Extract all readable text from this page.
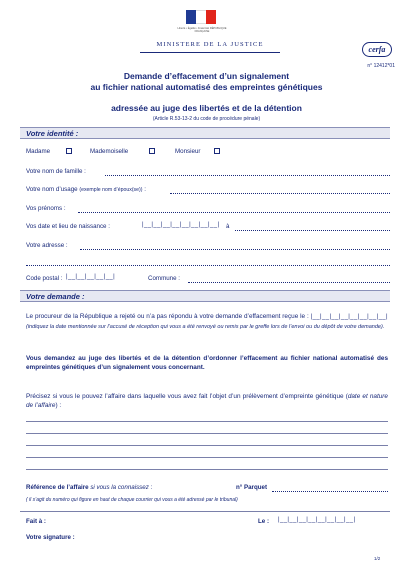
Liberté • Égalité • Fraternité RÉPUBLIQUE FRANÇAISE
MINISTERE DE LA JUSTICE
cerfa
n° 12412*01
Demande d’effacement d’un signalement
au fichier national automatisé des empreintes génétiques
adressée au juge des libertés et de la détention
(Article R.53-13-2 du code de procédure pénale)
Votre identité :
Madame	Mademoiselle	Monsieur
Votre nom de famille :
Votre nom d’usage (exemple nom d’époux(se)) :
Vos prénoms :
Vos date et lieu de naissance :	|__|__|__|__|__|__|__|__| à
Votre adresse :
Code postal : |__|__|__|__|__|	Commune :
Votre demande :
Le procureur de la République a rejeté ou n’a pas répondu à votre demande d’effacement reçue le : |__|__|__|__|__|__|__|__| (indiquez la date mentionnée sur l’accusé de réception qui vous a été renvoyé ou remis par le greffe lors de l’envoi ou du dépôt de votre demande).
Vous demandez au juge des libertés et de la détention d’ordonner l’effacement au fichier national automatisé des empreintes génétiques d’un signalement vous concernant.
Précisez si vous le pouvez l’affaire dans laquelle vous avez fait l’objet d’un prélèvement d’empreinte génétique (date et nature de l’affaire) :
Référence de l’affaire si vous la connaissez :	n° Parquet
( il s’agit du numéro qui figure en haut de chaque courrier qui vous a été adressé par le tribunal)
Fait à :	Le : |__|__|__|__|__|__|__|__|
Votre signature :
1/2
